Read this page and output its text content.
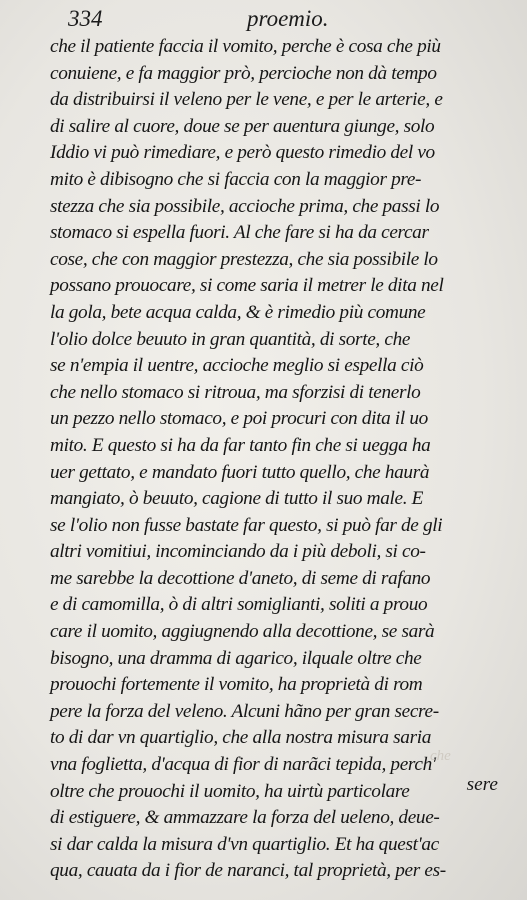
334	proemio.
che il patiente faccia il vomito, perche è cosa che più
conuiene, e fa maggior prò, percioche non dà tempo
da distribuirsi il veleno per le vene, e per le arterie, e
di salire al cuore, doue se per auentura giunge, solo
Iddio vi può rimediare, e però questo rimedio del vo
mito è dibisogno che si faccia con la maggior pre-
stezza che sia possibile, accioche prima, che passi lo
stomaco si espella fuori. Al che fare si ha da cercar
cose, che con maggior prestezza, che sia possibile lo
possano prouocare, si come saria il metrer le dita nel
la gola, bete acqua calda, & è rimedio più comune
l'olio dolce beuuto in gran quantità, di sorte, che
se n'empia il uentre, accioche meglio si espella ciò
che nello stomaco si ritroua, ma sforzisi di tenerlo
un pezzo nello stomaco, e poi procuri con dita il uo
mito. E questo si ha da far tanto fin che si uegga ha
uer gettato, e mandato fuori tutto quello, che haurà
mangiato, ò beuuto, cagione di tutto il suo male. E
se l'olio non fusse bastate far questo, si può far de gli
altri vomitiui, incominciando da i più deboli, si co-
me sarebbe la decottione d'aneto, di seme di rafano
e di camomilla, ò di altri somiglianti, soliti a prouo
care il uomito, aggiugnendo alla decottione, se sarà
bisogno, una dramma di agarico, ilquale oltre che
prouochi fortemente il vomito, ha proprietà di rom
pere la forza del veleno. Alcuni hãno per gran secre-
to di dar vn quartiglio, che alla nostra misura saria
vna foglietta, d'acqua di fior di narãci tepida, perch'
oltre che prouochi il uomito, ha uirtù particolare
di estiguere, & ammazzare la forza del ueleno, deue-
si dar calda la misura d'vn quartiglio. Et ha quest'ac
qua, cauata da i fior de naranci, tal proprietà, per es-
che
sere
